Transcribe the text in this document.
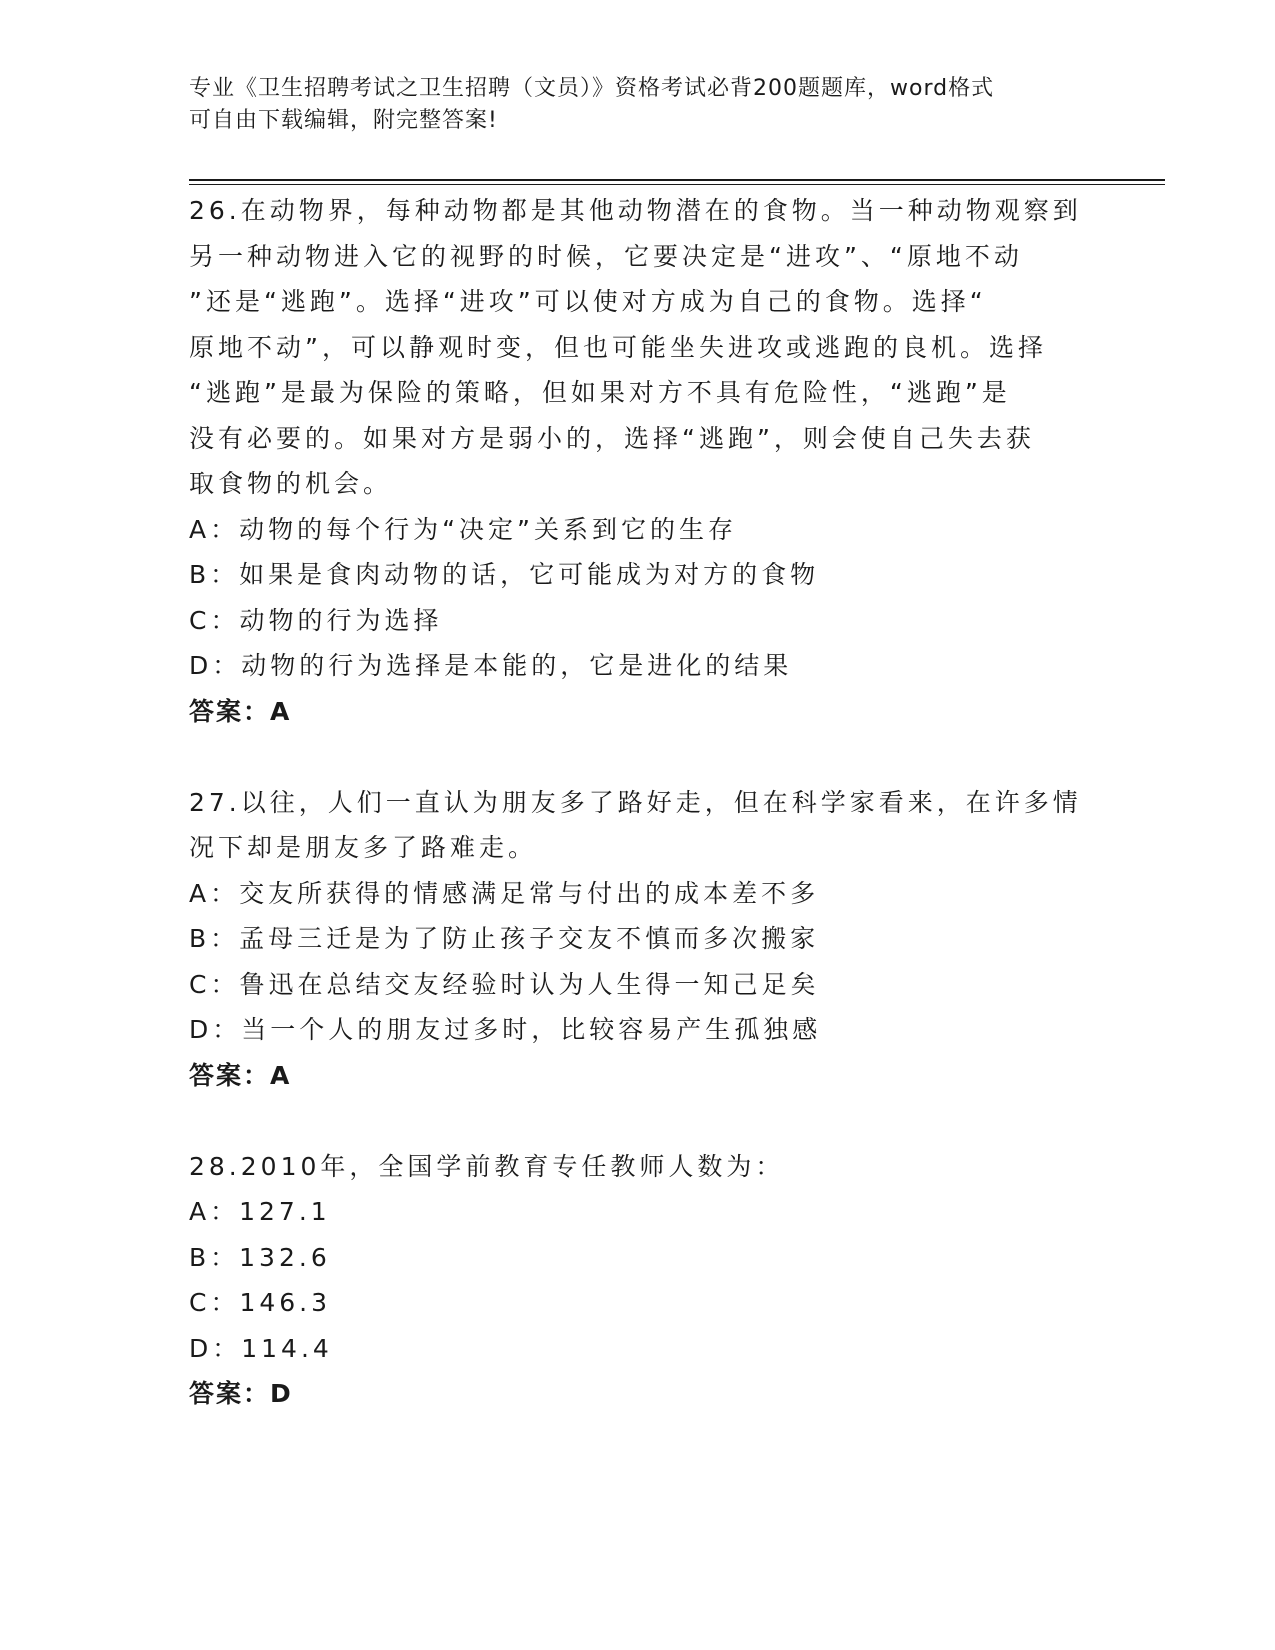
专业《卫生招聘考试之卫生招聘（文员）》资格考试必背200题题库，word格式
可自由下载编辑，附完整答案!
26.在动物界，每种动物都是其他动物潜在的食物。当一种动物观察到
另一种动物进入它的视野的时候，它要决定是“进攻”、“原地不动
”还是“逃跑”。选择“进攻”可以使对方成为自己的食物。选择“
原地不动”，可以静观时变，但也可能坐失进攻或逃跑的良机。选择
“逃跑”是最为保险的策略，但如果对方不具有危险性，“逃跑”是
没有必要的。如果对方是弱小的，选择“逃跑”，则会使自己失去获
取食物的机会。
A：动物的每个行为“决定”关系到它的生存
B：如果是食肉动物的话，它可能成为对方的食物
C：动物的行为选择
D：动物的行为选择是本能的，它是进化的结果
答案：A
27.以往，人们一直认为朋友多了路好走，但在科学家看来，在许多情
况下却是朋友多了路难走。
A：交友所获得的情感满足常与付出的成本差不多
B：孟母三迁是为了防止孩子交友不慎而多次搬家
C：鲁迅在总结交友经验时认为人生得一知己足矣
D：当一个人的朋友过多时，比较容易产生孤独感
答案：A
28.2010年，全国学前教育专任教师人数为：
A：127.1
B：132.6
C：146.3
D：114.4
答案：D
